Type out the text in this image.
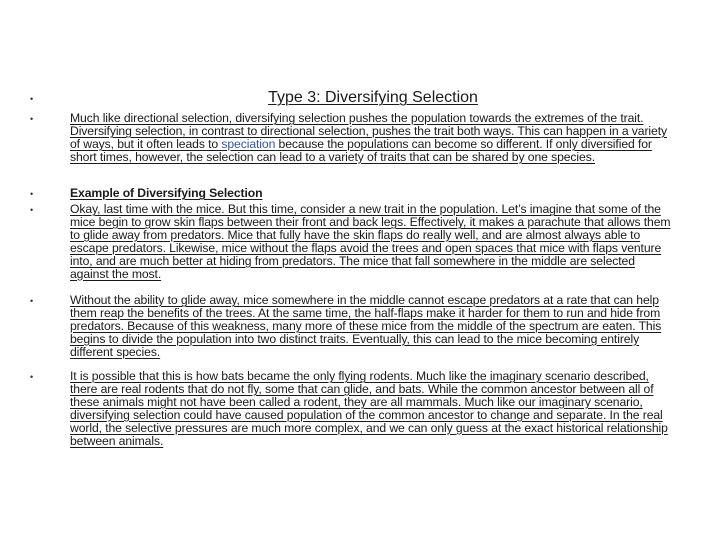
•	Type 3: Diversifying Selection
•	Much like directional selection, diversifying selection pushes the population towards the extremes of the trait. Diversifying selection, in contrast to directional selection, pushes the trait both ways. This can happen in a variety of ways, but it often leads to speciation because the populations can become so different. If only diversified for short times, however, the selection can lead to a variety of traits that can be shared by one species.

•	Example of Diversifying Selection

•	Okay, last time with the mice. But this time, consider a new trait in the population. Let’s imagine that some of the mice begin to grow skin flaps between their front and back legs. Effectively, it makes a parachute that allows them to glide away from predators. Mice that fully have the skin flaps do really well, and are almost always able to escape predators. Likewise, mice without the flaps avoid the trees and open spaces that mice with flaps venture into, and are much better at hiding from predators. The mice that fall somewhere in the middle are selected against the most.

•	Without the ability to glide away, mice somewhere in the middle cannot escape predators at a rate that can help them reap the benefits of the trees. At the same time, the half-flaps make it harder for them to run and hide from predators. Because of this weakness, many more of these mice from the middle of the spectrum are eaten. This begins to divide the population into two distinct traits. Eventually, this can lead to the mice becoming entirely different species.

•	It is possible that this is how bats became the only flying rodents. Much like the imaginary scenario described, there are real rodents that do not fly, some that can glide, and bats. While the common ancestor between all of these animals might not have been called a rodent, they are all mammals. Much like our imaginary scenario, diversifying selection could have caused population of the common ancestor to change and separate. In the real world, the selective pressures are much more complex, and we can only guess at the exact historical relationship between animals.
